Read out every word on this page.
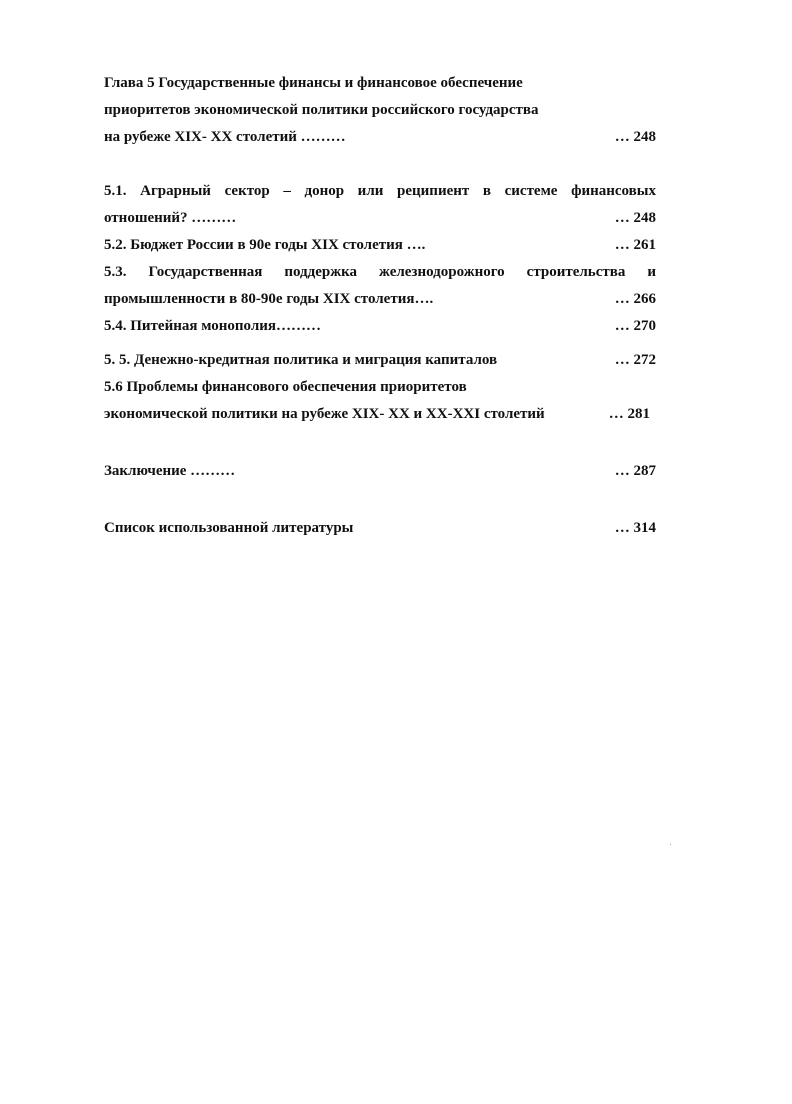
Глава 5 Государственные финансы и финансовое обеспечение
приоритетов экономической политики российского государства
на рубеже XIX- XX столетий ………	… 248
5.1. Аграрный сектор – донор или реципиент в системе финансовых
отношений? ………	… 248
5.2. Бюджет России в 90е годы XIX столетия ….	… 261
5.3. Государственная поддержка железнодорожного строительства и
промышленности в 80-90е годы XIX столетия….	… 266
5.4. Питейная монополия………	… 270
5. 5. Денежно-кредитная политика и миграция капиталов	… 272
5.6 Проблемы финансового обеспечения приоритетов
экономической политики на рубеже XIX- XX и XX-XXI столетий	… 281
Заключение ………	… 287
Список использованной литературы	… 314
